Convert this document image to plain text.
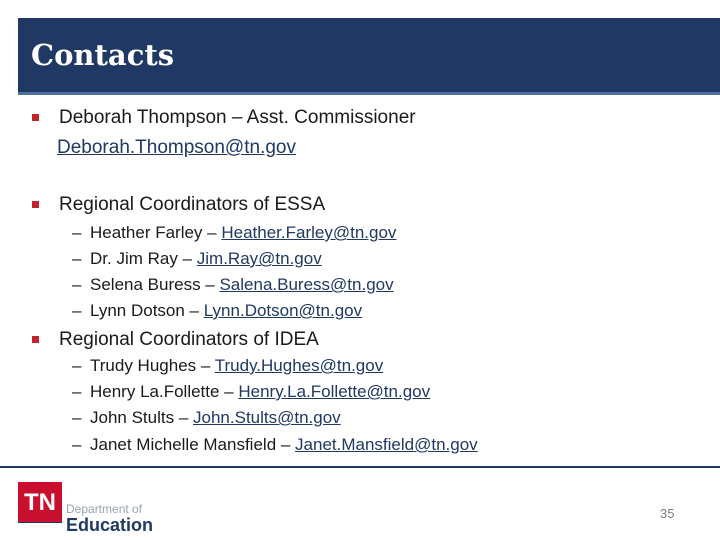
Contacts
Deborah Thompson – Asst. Commissioner
Deborah.Thompson@tn.gov
Regional Coordinators of ESSA
– Heather Farley – Heather.Farley@tn.gov
– Dr. Jim Ray – Jim.Ray@tn.gov
– Selena Buress – Salena.Buress@tn.gov
– Lynn Dotson – Lynn.Dotson@tn.gov
Regional Coordinators of IDEA
– Trudy Hughes – Trudy.Hughes@tn.gov
– Henry La.Follette – Henry.La.Follette@tn.gov
– John Stults – John.Stults@tn.gov
– Janet Michelle Mansfield – Janet.Mansfield@tn.gov
TN Department of
Education
35
